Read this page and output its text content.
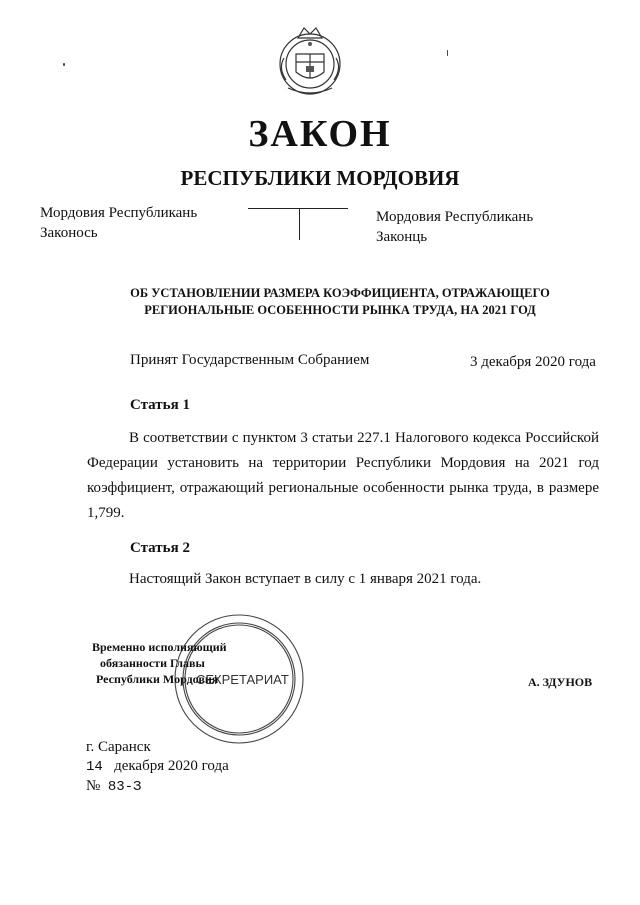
ЗАКОН
РЕСПУБЛИКИ МОРДОВИЯ
Мордовия Республикань
Законось
Мордовия Республикань
Законць
ОБ УСТАНОВЛЕНИИ РАЗМЕРА КОЭФФИЦИЕНТА, ОТРАЖАЮЩЕГО
РЕГИОНАЛЬНЫЕ ОСОБЕННОСТИ РЫНКА ТРУДА, НА 2021 ГОД
Принят Государственным Собранием	3 декабря 2020 года
Статья 1
В соответствии с пунктом 3 статьи 227.1 Налогового кодекса Российской Федерации установить на территории Республики Мордовия на 2021 год коэффициент, отражающий региональные особенности рынка труда, в размере 1,799.
Статья 2
Настоящий Закон вступает в силу с 1 января 2021 года.
СЕКРЕТАРИАТ
Временно исполняющий
обязанности Главы
Республики Мордовия	А. ЗДУНОВ
г. Саранск
14 декабря 2020 года
№ 83-З
